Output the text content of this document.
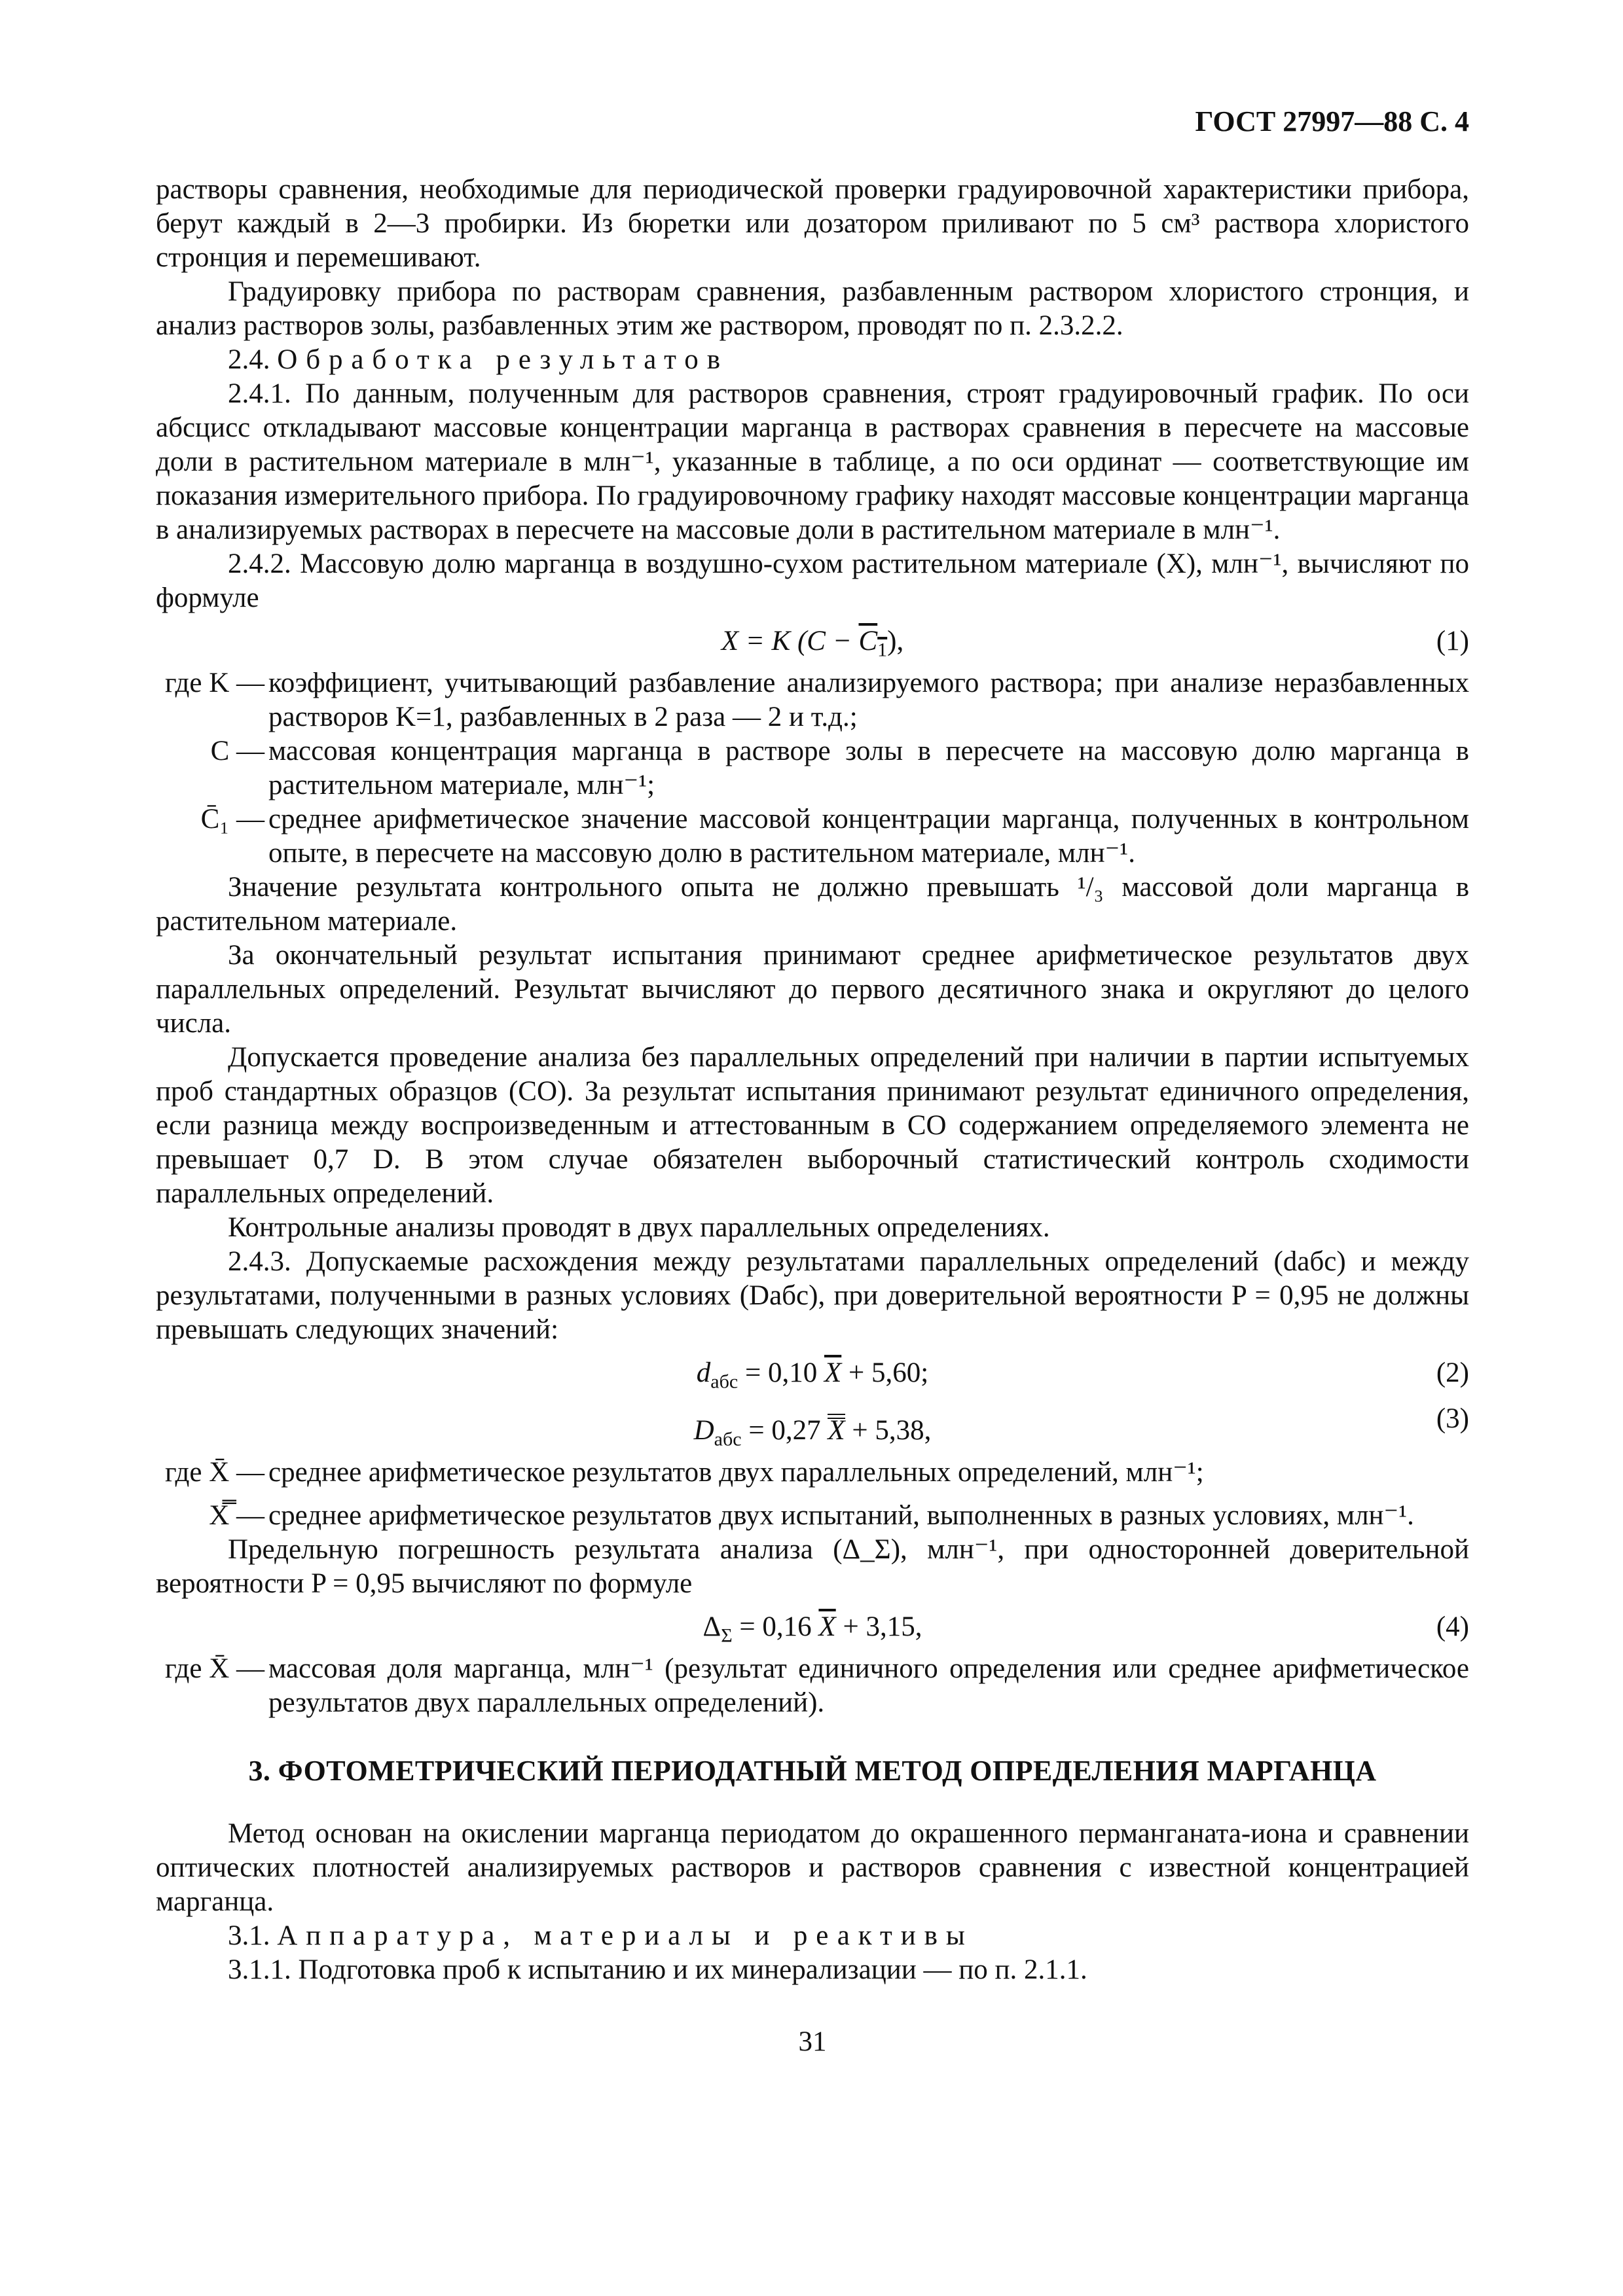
ГОСТ 27997—88 С. 4

растворы сравнения, необходимые для периодической проверки градуировочной характеристики прибора, берут каждый в 2—3 пробирки. Из бюретки или дозатором приливают по 5 см³ раствора хлористого стронция и перемешивают.

Градуировку прибора по растворам сравнения, разбавленным раствором хлористого стронция, и анализ растворов золы, разбавленных этим же раствором, проводят по п. 2.3.2.2.

2.4. Обработка результатов

2.4.1. По данным, полученным для растворов сравнения, строят градуировочный график. По оси абсцисс откладывают массовые концентрации марганца в растворах сравнения в пересчете на массовые доли в растительном материале в млн⁻¹, указанные в таблице, а по оси ординат — соответствующие им показания измерительного прибора. По градуировочному графику находят массовые концентрации марганца в анализируемых растворах в пересчете на массовые доли в растительном материале в млн⁻¹.

2.4.2. Массовую долю марганца в воздушно-сухом растительном материале (X), млн⁻¹, вычисляют по формуле

X = K $(C - C_1)$,	(1)

где K — коэффициент, учитывающий разбавление анализируемого раствора; при анализе неразбавленных растворов K=1, разбавленных в 2 раза — 2 и т.д.;

C — массовая концентрация марганца в растворе золы в пересчете на массовую долю марганца в растительном материале, млн⁻¹;

C̄₁ — среднее арифметическое значение массовой концентрации марганца, полученных в контрольном опыте, в пересчете на массовую долю в растительном материале, млн⁻¹.

Значение результата контрольного опыта не должно превышать ¹/₃ массовой доли марганца в растительном материале.

За окончательный результат испытания принимают среднее арифметическое результатов двух параллельных определений. Результат вычисляют до первого десятичного знака и округляют до целого числа.

Допускается проведение анализа без параллельных определений при наличии в партии испытуемых проб стандартных образцов (СО). За результат испытания принимают результат единичного определения, если разница между воспроизведенным и аттестованным в СО содержанием определяемого элемента не превышает 0,7 D. В этом случае обязателен выборочный статистический контроль сходимости параллельных определений.

Контрольные анализы проводят в двух параллельных определениях.

2.4.3. Допускаемые расхождения между результатами параллельных определений (dабс) и между результатами, полученными в разных условиях (Dабс), при доверительной вероятности P = 0,95 не должны превышать следующих значений:

$d_{абс} = 0,10$ $\overline{X} + 5,60$;	(2)
$D_{абс} = 0,27$ X + 5,38,	(3)

где X̄ — среднее арифметическое результатов двух параллельных определений, млн⁻¹;

X̿ — среднее арифметическое результатов двух испытаний, выполненных в разных условиях, млн⁻¹.

Предельную погрешность результата анализа (Δ_Σ), млн⁻¹, при односторонней доверительной вероятности P = 0,95 вычисляют по формуле

$\Delta_\Sigma = 0,16$ $\overline{X} + 3,15$,	(4)

где X̄ — массовая доля марганца, млн⁻¹ (результат единичного определения или среднее арифметическое результатов двух параллельных определений).

3. ФОТОМЕТРИЧЕСКИЙ ПЕРИОДАТНЫЙ МЕТОД ОПРЕДЕЛЕНИЯ МАРГАНЦА

Метод основан на окислении марганца периодатом до окрашенного перманганата-иона и сравнении оптических плотностей анализируемых растворов и растворов сравнения с известной концентрацией марганца.

3.1. Аппаратура, материалы и реактивы

3.1.1. Подготовка проб к испытанию и их минерализации — по п. 2.1.1.

31
